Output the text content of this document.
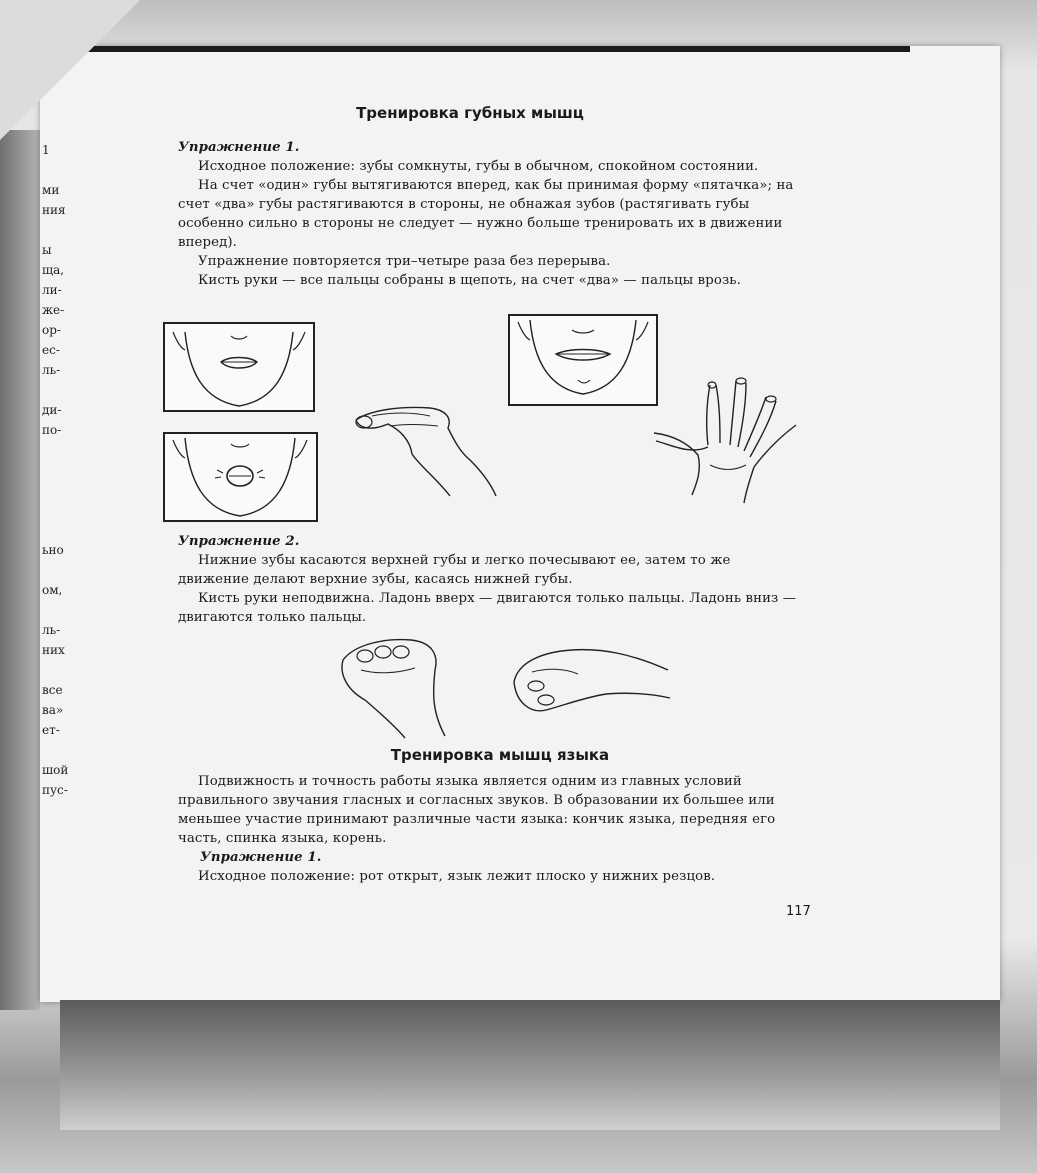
1
ми
ния
ы
ща,
ли-
же-
ор-
ес-
ль-
ди-
по-
ьно
ом,
ль-
них
все
ва»
ет-
шой
пус-
Тренировка губных мышц
Упражнение 1.

Исходное положение: зубы сомкнуты, губы в обычном, спокойном состоянии.

На счет «один» губы вытягиваются вперед, как бы принимая форму «пятачка»; на счет «два» губы растягиваются в стороны, не обнажая зубов (растягивать губы особенно сильно в стороны не следует — нужно больше тренировать их в движении вперед).

Упражнение повторяется три–четыре раза без перерыва.

Кисть руки — все пальцы собраны в щепоть, на счет «два» — пальцы врозь.

Упражнение 2.

Нижние зубы касаются верхней губы и легко почесывают ее, затем то же движение делают верхние зубы, касаясь нижней губы.

Кисть руки неподвижна. Ладонь вверх — двигаются только пальцы. Ладонь вниз — двигаются только пальцы.

Тренировка мышц языка

Подвижность и точность работы языка является одним из главных условий правильного звучания гласных и согласных звуков. В образовании их большее или меньшее участие принимают различные части языка: кончик языка, передняя его часть, спинка языка, корень.

Упражнение 1.

Исходное положение: рот открыт, язык лежит плоско у нижних резцов.

117
